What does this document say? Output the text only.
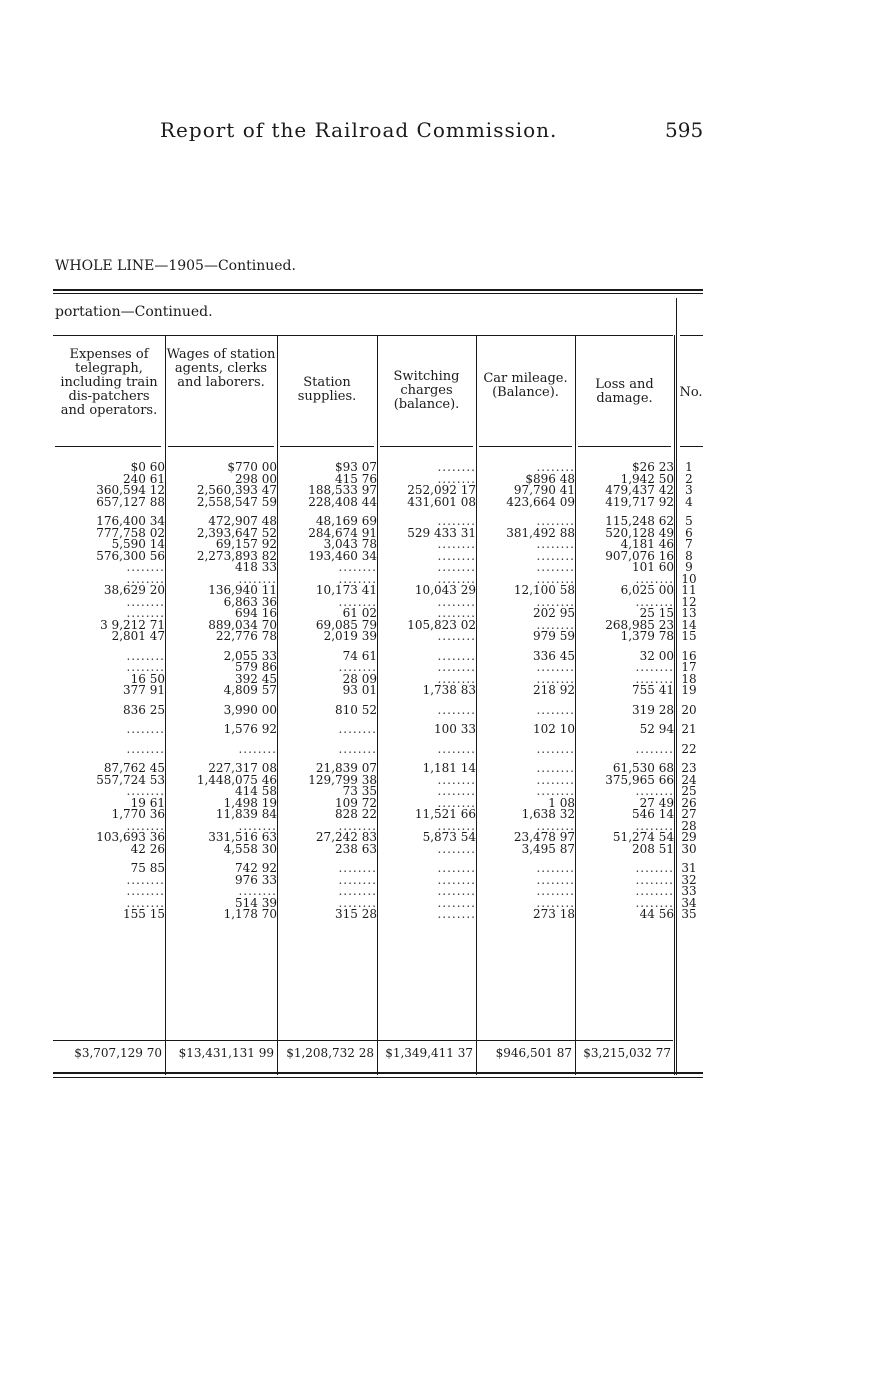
Report of the Railroad Commission.	595
WHOLE LINE—1905—Continued.
portation—Continued.
Expenses of telegraph, including train dis-patchers and operators.
Wages of station agents, clerks and laborers.	Station supplies.
Switching charges (balance).
Car mileage. (Balance).
Loss and damage.	No.
$0 60	$770 00	$93 07	........	........	$26 23	1
240 61	298 00	415 76	........	$896 48	1,942 50	2
360,594 12	2,560,393 47	188,533 97	252,092 17	97,790 41	479,437 42	3
657,127 88	2,558,547 59	228,408 44	431,601 08	423,664 09	419,717 92	4

176,400 34	472,907 48	48,169 69	........	........	115,248 62	5
777,758 02	2,393,647 52	284,674 91	529 433 31	381,492 88	520,128 49	6
5,590 14	69,157 92	3,043 78	........	........	4,181 46	7
576,300 56	2,273,893 82	193,460 34	........	........	907,076 16	8
........	418 33	........	........	........	101 60	9
........	........	........	........	........	........	10
38,629 20	136,940 11	10,173 41	10,043 29	12,100 58	6,025 00	11
........	6,863 36	........	........	........	........	12
........	694 16	61 02	........	202 95	25 15	13
3 9,212 71	889,034 70	69,085 79	105,823 02	........	268,985 23	14
2,801 47	22,776 78	2,019 39	........	979 59	1,379 78	15

........	2,055 33	74 61	........	336 45	32 00	16
........	579 86	........	........	........	........	17
16 50	392 45	28 09	........	........	........	18
377 91	4,809 57	93 01	1,738 83	218 92	755 41	19

836 25	3,990 00	810 52	........	........	319 28	20

........	1,576 92	........	100 33	102 10	52 94	21

........	........	........	........	........	........	22

87,762 45	227,317 08	21,839 07	1,181 14	........	61,530 68	23
557,724 53	1,448,075 46	129,799 38	........	........	375,965 66	24
........	414 58	73 35	........	........	........	25
19 61	1,498 19	109 72	........	1 08	27 49	26
1,770 36	11,839 84	828 22	11,521 66	1,638 32	546 14	27
........	........	........	........	........	........	28
103,693 36	331,516 63	27,242 83	5,873 54	23,478 97	51,274 54	29
42 26	4,558 30	238 63	........	3,495 87	208 51	30

75 85	742 92	........	........	........	........	31
........	976 33	........	........	........	........	32
........	........	........	........	........	........	33
........	514 39	........	........	........	........	34
155 15	1,178 70	315 28	........	273 18	44 56	35
$3,707,129 70	$13,431,131 99	$1,208,732 28	$1,349,411 37	$946,501 87	$3,215,032 77
